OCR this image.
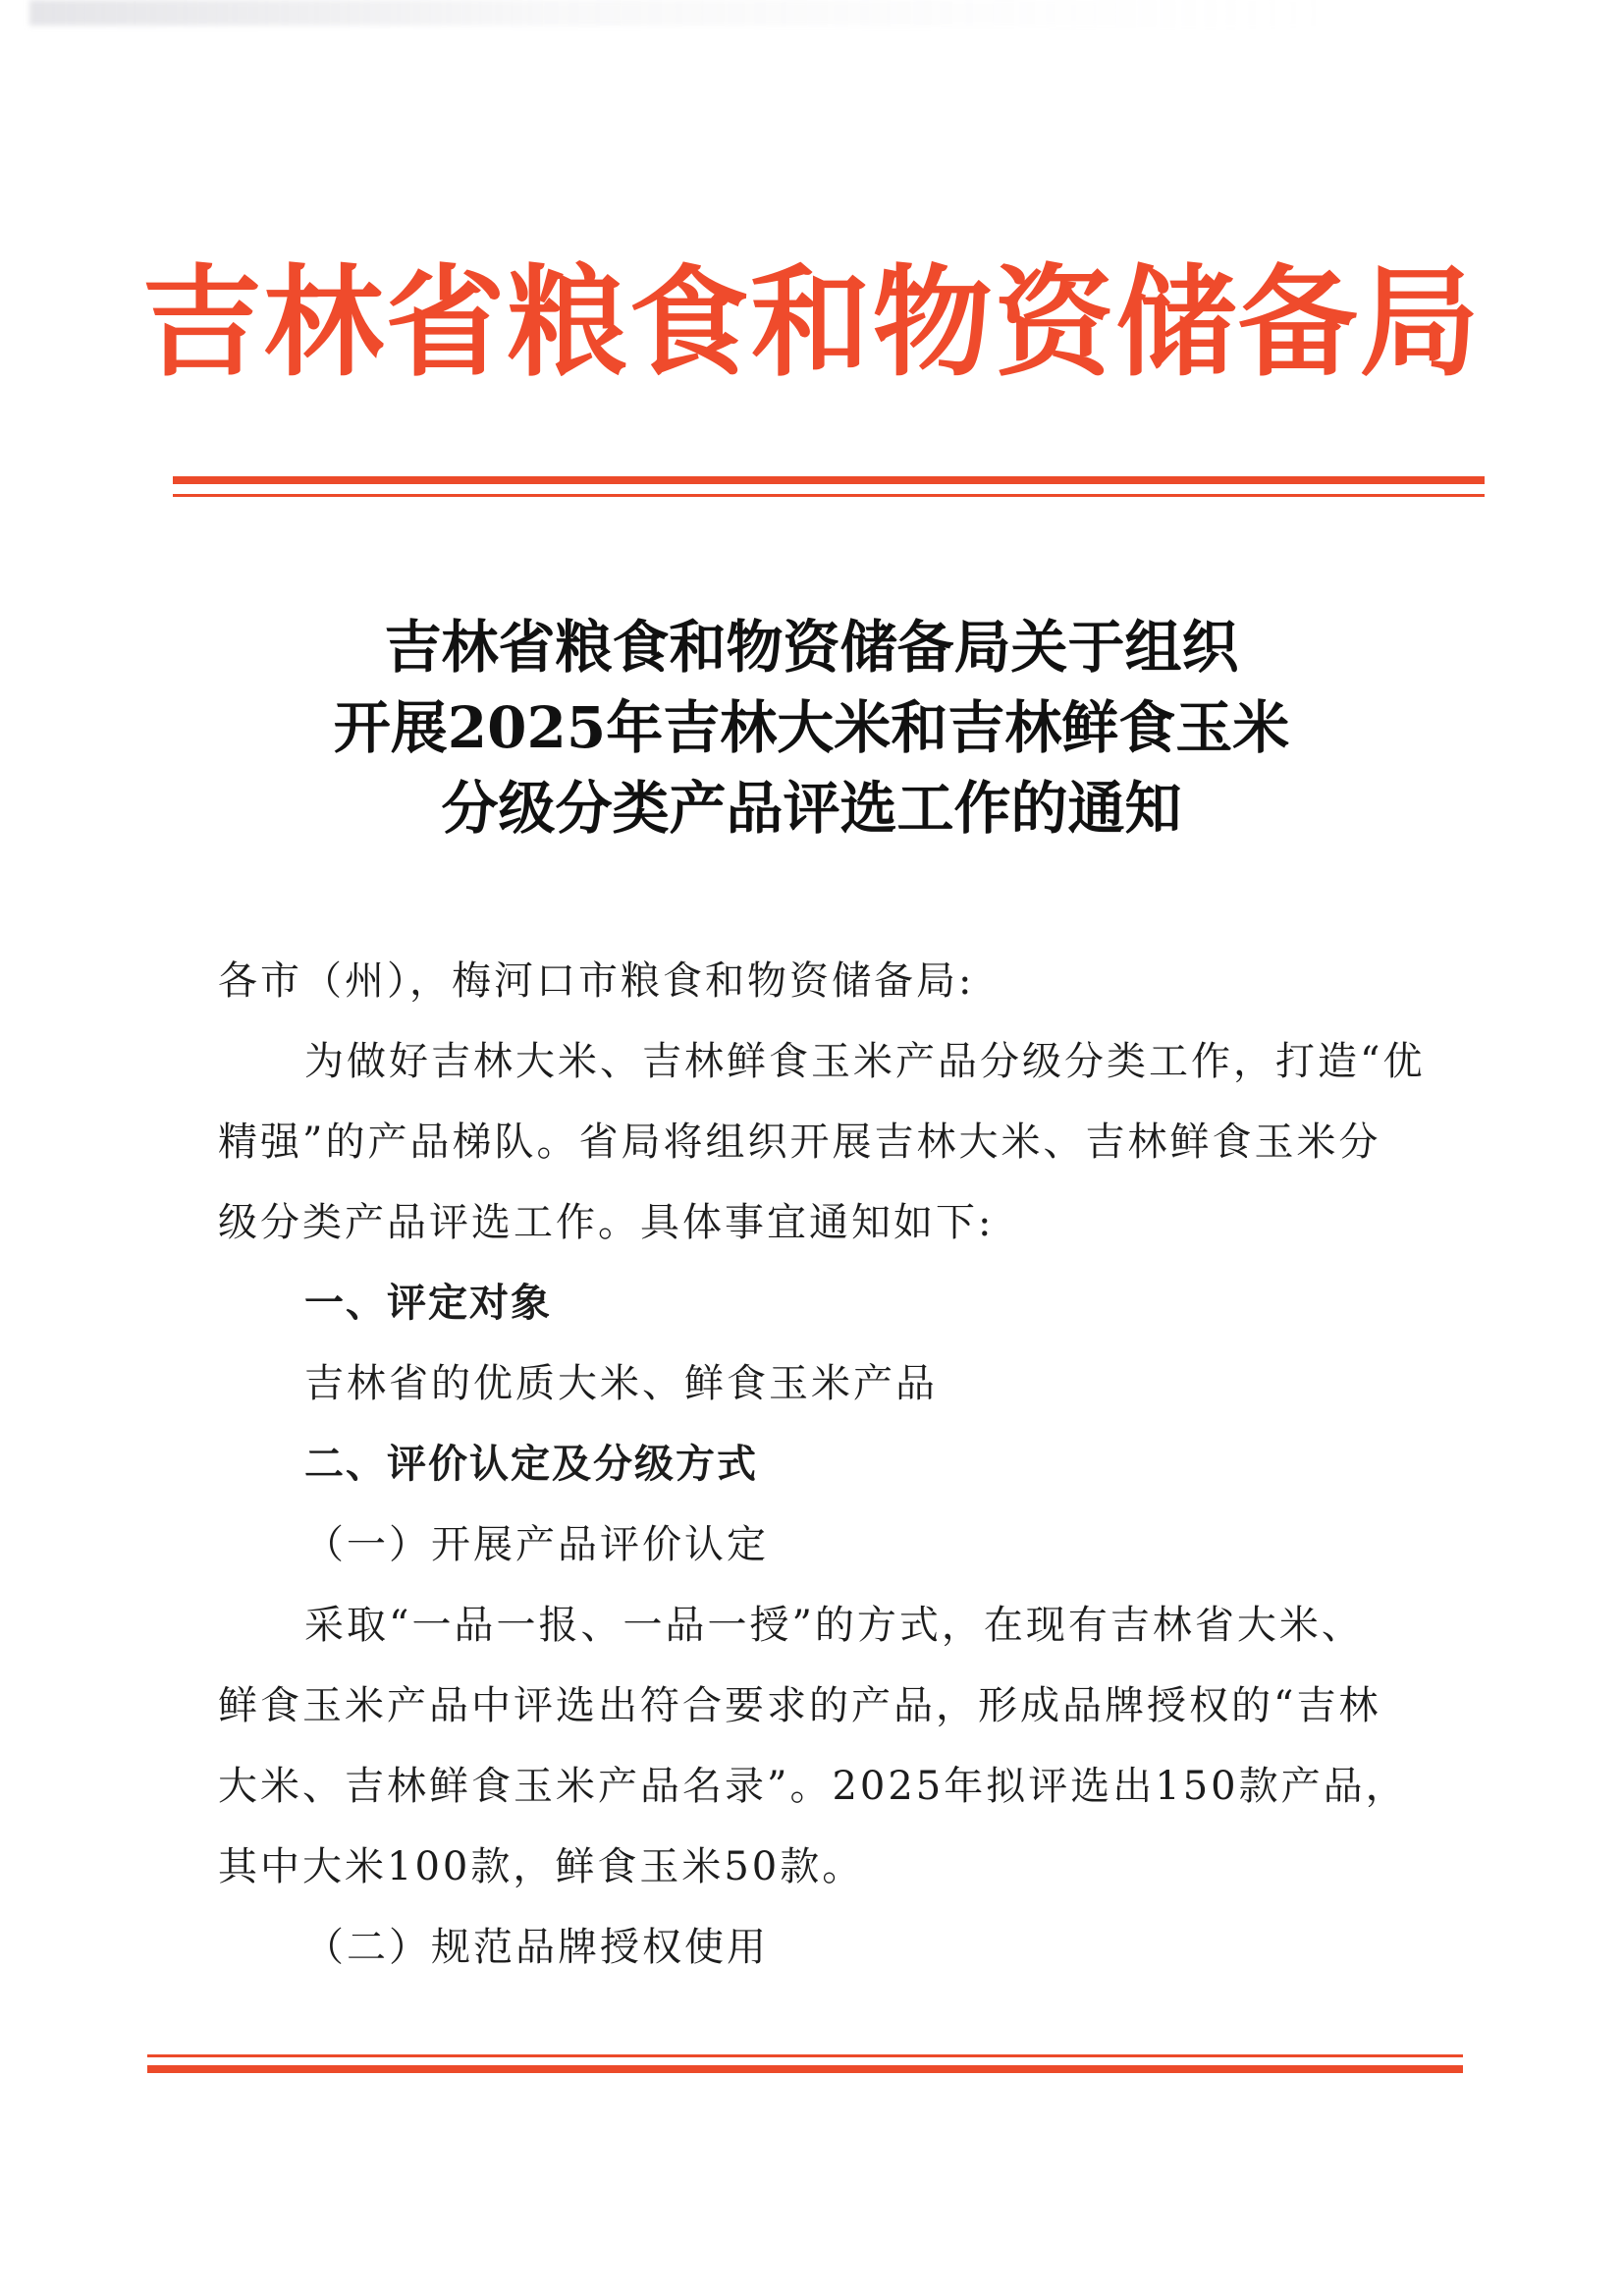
吉林省粮食和物资储备局
吉林省粮食和物资储备局关于组织
开展2025年吉林大米和吉林鲜食玉米
分级分类产品评选工作的通知

各市（州），梅河口市粮食和物资储备局:

为做好吉林大米、吉林鲜食玉米产品分级分类工作，打造“优

精强”的产品梯队。省局将组织开展吉林大米、吉林鲜食玉米分

级分类产品评选工作。具体事宜通知如下:

一、评定对象

吉林省的优质大米、鲜食玉米产品

二、评价认定及分级方式

（一）开展产品评价认定

采取“一品一报、一品一授”的方式，在现有吉林省大米、

鲜食玉米产品中评选出符合要求的产品，形成品牌授权的“吉林

大米、吉林鲜食玉米产品名录”。2025年拟评选出150款产品，

其中大米100款，鲜食玉米50款。

（二）规范品牌授权使用
